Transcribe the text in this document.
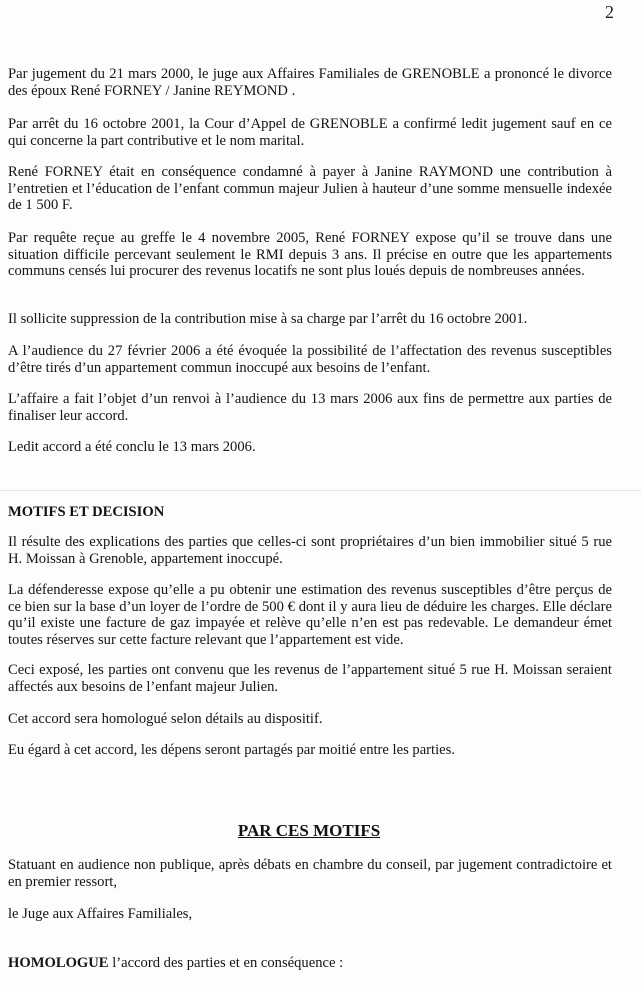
2

Par jugement du 21 mars 2000, le juge aux Affaires Familiales de GRENOBLE a prononcé le divorce des époux René FORNEY / Janine REYMOND .

Par arrêt du 16 octobre 2001, la Cour d’Appel de GRENOBLE a confirmé ledit jugement sauf en ce qui concerne la part contributive et le nom marital.

René FORNEY était en conséquence condamné à payer à Janine RAYMOND une contribution à l’entretien et l’éducation de l’enfant commun majeur Julien à hauteur d’une somme mensuelle indexée de 1 500 F.

Par requête reçue au greffe le 4 novembre 2005, René FORNEY expose qu’il se trouve dans une situation difficile percevant seulement le RMI depuis 3 ans. Il précise en outre que les appartements communs censés lui procurer des revenus locatifs ne sont plus loués depuis de nombreuses années.

Il sollicite suppression de la contribution mise à sa charge par l’arrêt du 16 octobre 2001.

A l’audience du 27 février 2006 a été évoquée la possibilité de l’affectation des revenus susceptibles d’être tirés d’un appartement commun inoccupé aux besoins de l’enfant.

L’affaire a fait l’objet d’un renvoi à l’audience du 13 mars 2006 aux fins de permettre aux parties de finaliser leur accord.

Ledit accord a été conclu le 13 mars 2006.

MOTIFS ET DECISION

Il résulte des explications des parties que celles-ci sont propriétaires d’un bien immobilier situé 5 rue H. Moissan à Grenoble, appartement inoccupé.

La défenderesse expose qu’elle a pu obtenir une estimation des revenus susceptibles d’être perçus de ce bien sur la base d’un loyer de l’ordre de 500 € dont il y aura lieu de déduire les charges. Elle déclare qu’il existe une facture de gaz impayée et relève qu’elle n’en est pas redevable. Le demandeur émet toutes réserves sur cette facture relevant que l’appartement est vide.

Ceci exposé, les parties ont convenu que les revenus de l’appartement situé 5 rue H. Moissan seraient affectés aux besoins de l’enfant majeur Julien.

Cet accord sera homologué selon détails au dispositif.

Eu égard à cet accord, les dépens seront partagés par moitié entre les parties.

PAR CES MOTIFS

Statuant en audience non publique, après débats en chambre du conseil, par jugement contradictoire et en premier ressort,

le Juge aux Affaires Familiales,

HOMOLOGUE l’accord des parties et en conséquence :
